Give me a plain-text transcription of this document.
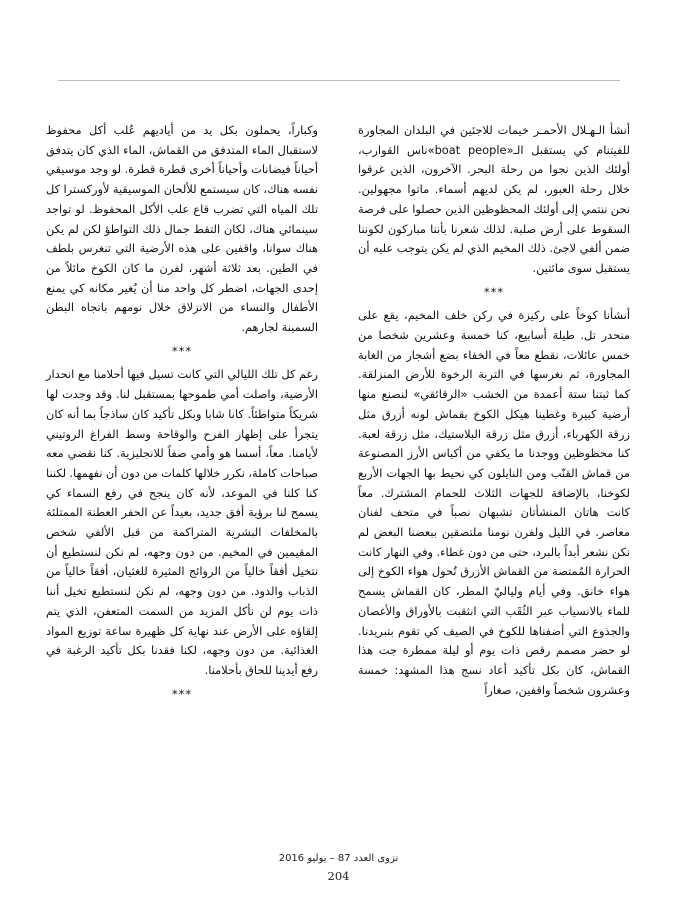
أنشأ الـهـلال الأحمـر خيمات للاجئين في البلدان المجاورة للفيتنام كي يستقبل الـ«boat people»ناس القوارب، أولئك الذين نجوا من رحلة البحر. الآخرون، الذين غرقوا خلال رحلة العبور، لم يكن لديهم أسماء. ماتوا مجهولين. نحن ننتمي إلى أولئك المحظوظين الذين حصلوا على فرصة السقوط على أرض صلبة. لذلك شعرنا بأننا مباركون لكوننا ضمن ألفي لاجئ. ذلك المخيم الذي لم يكن يتوجب عليه أن يستقبل سوى مائتين.

***

أنشأنا كوخاً على ركيزة في ركن خلف المخيم، يقع على منحدر تل. طيلة أسابيع، كنا خمسة وعشرين شخصا من خمس عائلات، نقطع معاً في الخفاء بضع أشجار من الغابة المجاورة، ثم نغرسها في التربة الرخوة للأرض المنزلقة. كما ثبتنا ستة أعمدة من الخشب «الرقائقي» لنصنع منها أرضية كبيرة وغطينا هيكل الكوخ بقماش لونه أزرق مثل زرقة الكهرباء، أزرق مثل زرقة البلاستيك، مثل زرقة لعبة. كنا محظوظين ووجدنا ما يكفي من أكياس الأرز المصنوعة من قماش القنّب ومن النايلون كي نحيط بها الجهات الأربع لكوخنا، بالإضافة للجهات الثلاث للحمام المشترك. معاً كانت هاتان المنشأتان تشبهان نصباً في متحف لفنان معاصر. في الليل ولفرن نومنا ملتصقين ببعضنا البعض لم نكن نشعر أبداً بالبرد، حتى من دون غطاء. وفي النهار كانت الحرارة المُمتصة من القماش الأزرق تُحول هواء الكوخ إلى هواء خانق. وفي أيام ولياليّ المطر، كان القماش يسمح للماء بالانسياب عبر الثُقَب التي انثقبت بالأوراق والأغصان والجذوع التي أضفناها للكوخ في الصيف كي تقوم بتبريدنا. لو حضر مصمم رقص ذات يوم أو ليلة ممطرة جت هذا القماش، كان بكل تأكيد أعاد نسج هذا المشهد: خمسة وعشرون شخصاً واقفين، صغاراً

وكباراً، يحملون بكل يد من أياديهم عُلب أكل محفوظ لاستقبال الماء المتدفق من القماش، الماء الذي كان يتدفق أحياناً فيضانات وأحياناً أخرى قطرة قطرة. لو وجد موسيقي نفسه هناك، كان سيستمع للألحان الموسيقية لأوركسترا كل تلك المياه التي تضرب قاع علب الأكل المحفوظ. لو تواجد سينمائي هناك، لكان التقط جمال ذلك التواطؤ لكن لم يكن هناك سوانا، واقفين على هذه الأرضية التي تنغرس بلطف في الطين. بعد ثلاثة أشهر، لفرن ما كان الكوخ مائلاً من إحدى الجهات، اضطر كل واحد منا أن يُغير مكانه كي يمنع الأطفال والنساء من الانزلاق خلال نومهم باتجاه البطن السمينة لجارهم.

***

رغم كل تلك الليالي التي كانت تسيل فيها أحلامنا مع انحدار الأرضية، واصلت أمي طموحها بمستقبل لنا. وقد وجدت لها شريكاً متواطئاً. كانا شابا وبكل تأكيد كان ساذجاً بما أنه كان يتجرأ على إظهار الفرح والوقاحة وسط الفراغ الروتيني لأيامنا. معاً، أسسا هو وأمي صفاً للانجليزية. كنا نقضي معه صباحات كاملة، نكرر خلالها كلمات من دون أن نفهمها. لكننا كنا كلنا في الموعد، لأنه كان ينجح في رفع السماء كي يسمح لنا برؤية أفق جديد، بعيداً عن الحفر العطنة الممتلئة بالمخلفات البشرية المتراكمة من قبل الألفي شخص المقيمين في المخيم. من دون وجهه، لم نكن لنستطيع أن نتخيل أفقاً خالياً من الروائح المثيرة للغثيان، أفقاً خالياً من الذباب والدود. من دون وجهه، لم نكن لنستطيع تخيل أننا ذات يوم لن نأكل المزيد من السمت المتعفن، الذي يتم إلقاؤه على الأرض عند نهاية كل ظهيرة ساعة توزيع المواد الغذائية. من دون وجهه، لكنا فقدنا بكل تأكيد الرغبة في رفع أيدينا للحاق بأحلامنا.

***

نزوى العدد 87 – يوليو 2016
204
